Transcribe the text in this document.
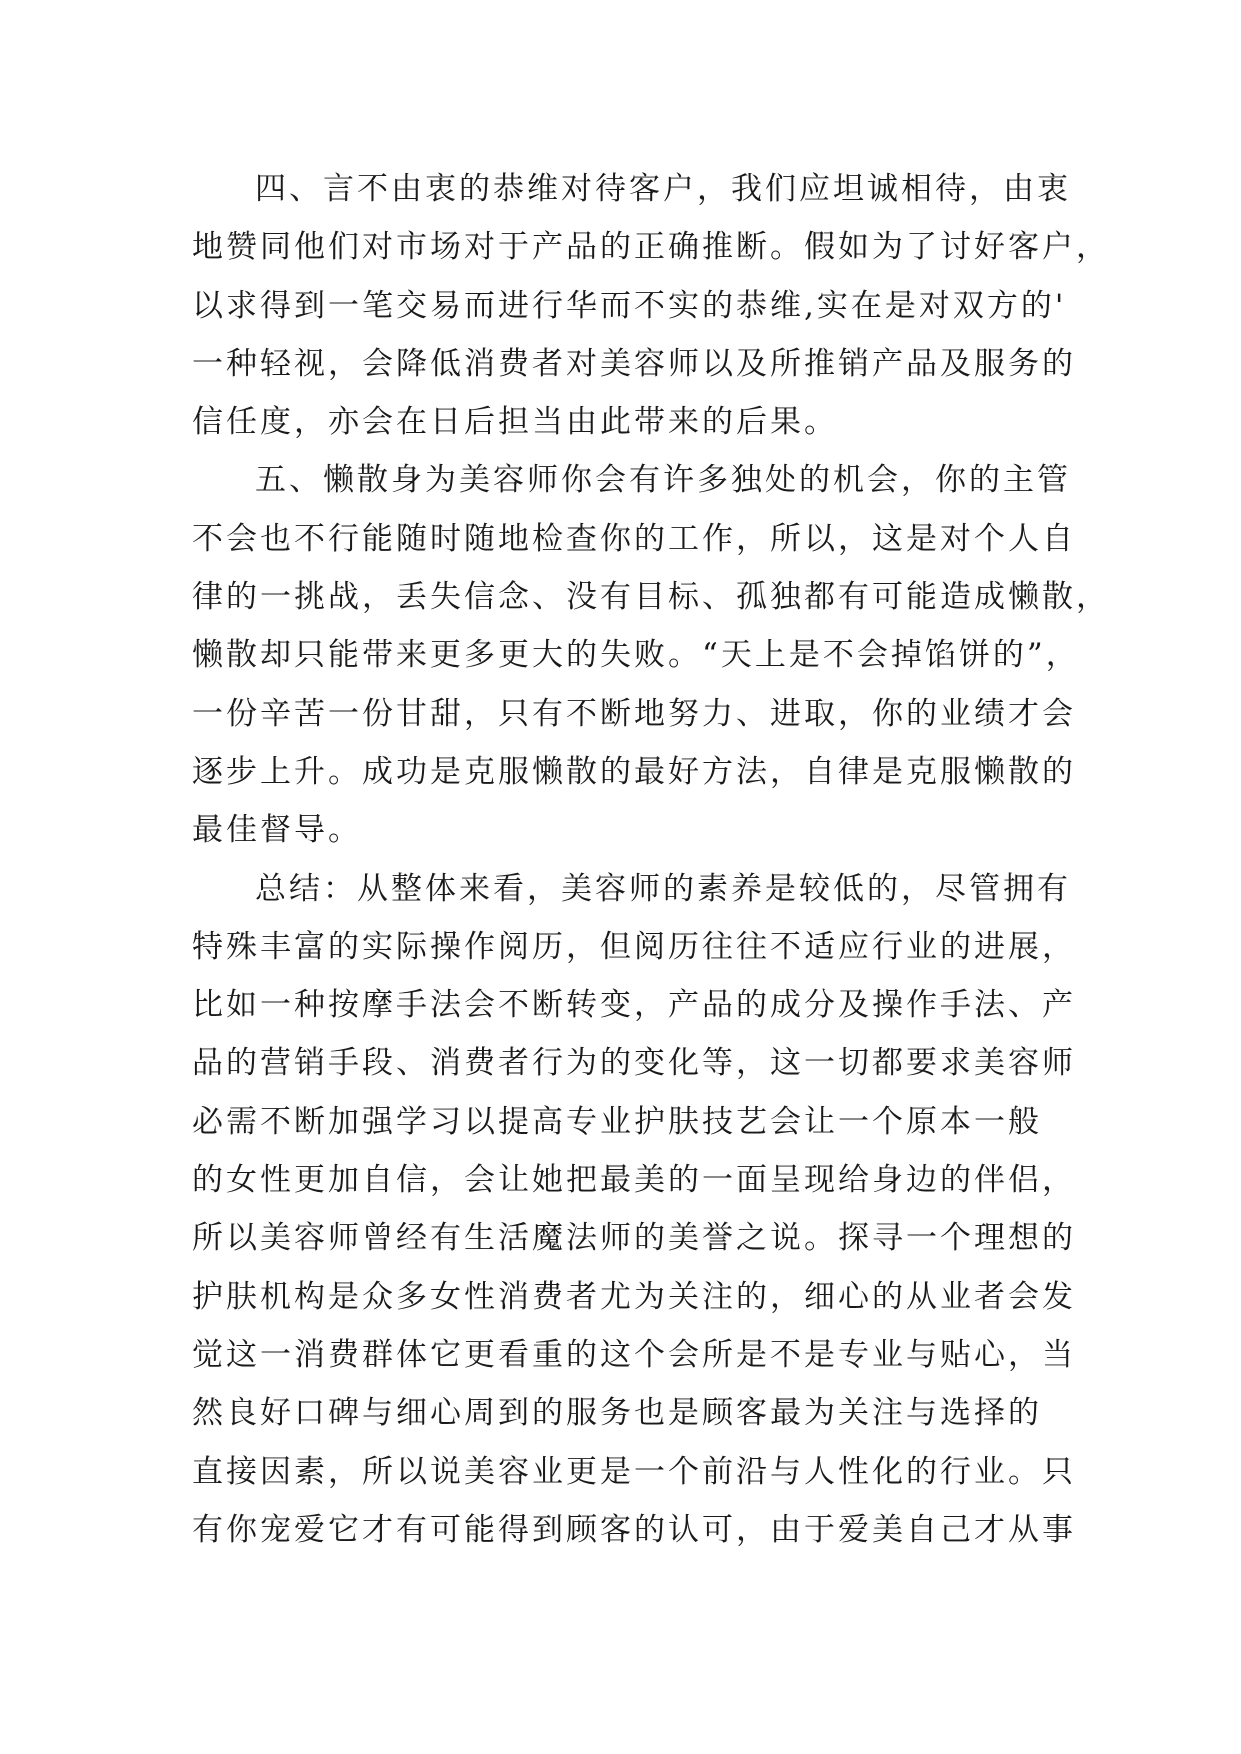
四、言不由衷的恭维对待客户，我们应坦诚相待，由衷
地赞同他们对市场对于产品的正确推断。假如为了讨好客户，
以求得到一笔交易而进行华而不实的恭维,实在是对双方的'
一种轻视，会降低消费者对美容师以及所推销产品及服务的
信任度，亦会在日后担当由此带来的后果。
五、懒散身为美容师你会有许多独处的机会，你的主管
不会也不行能随时随地检查你的工作，所以，这是对个人自
律的一挑战，丢失信念、没有目标、孤独都有可能造成懒散，
懒散却只能带来更多更大的失败。“天上是不会掉馅饼的”，
一份辛苦一份甘甜，只有不断地努力、进取，你的业绩才会
逐步上升。成功是克服懒散的最好方法，自律是克服懒散的
最佳督导。
总结：从整体来看，美容师的素养是较低的，尽管拥有
特殊丰富的实际操作阅历，但阅历往往不适应行业的进展，
比如一种按摩手法会不断转变，产品的成分及操作手法、产
品的营销手段、消费者行为的变化等，这一切都要求美容师
必需不断加强学习以提高专业护肤技艺会让一个原本一般
的女性更加自信，会让她把最美的一面呈现给身边的伴侣，
所以美容师曾经有生活魔法师的美誉之说。探寻一个理想的
护肤机构是众多女性消费者尤为关注的，细心的从业者会发
觉这一消费群体它更看重的这个会所是不是专业与贴心，当
然良好口碑与细心周到的服务也是顾客最为关注与选择的
直接因素，所以说美容业更是一个前沿与人性化的行业。只
有你宠爱它才有可能得到顾客的认可，由于爱美自己才从事
